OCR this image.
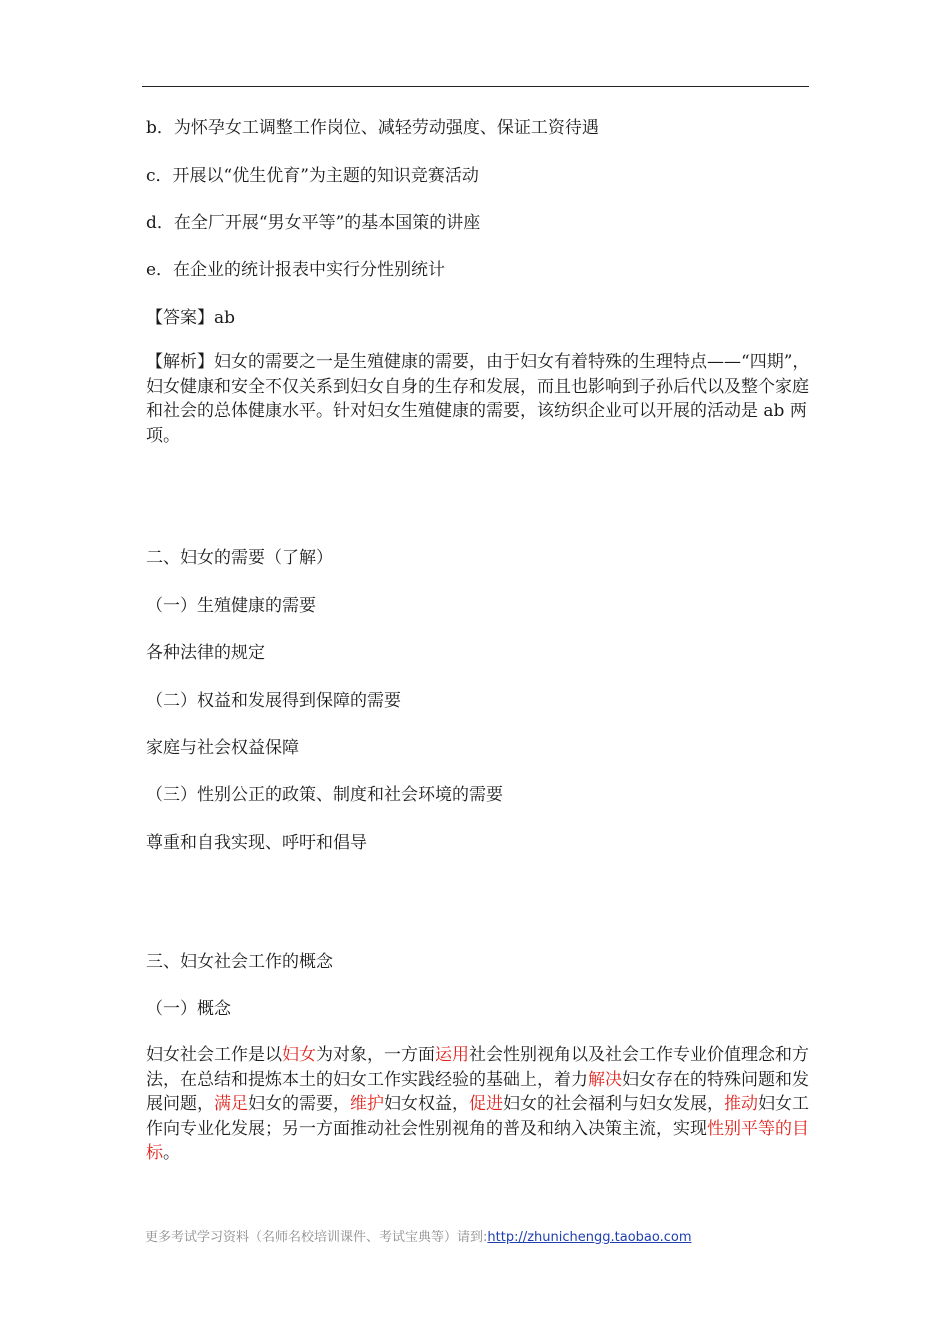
b．为怀孕女工调整工作岗位、减轻劳动强度、保证工资待遇
c．开展以“优生优育”为主题的知识竞赛活动
d．在全厂开展“男女平等”的基本国策的讲座
e．在企业的统计报表中实行分性别统计
【答案】ab
【解析】妇女的需要之一是生殖健康的需要，由于妇女有着特殊的生理特点——“四期”，妇女健康和安全不仅关系到妇女自身的生存和发展，而且也影响到子孙后代以及整个家庭和社会的总体健康水平。针对妇女生殖健康的需要，该纺织企业可以开展的活动是 ab 两项。
二、妇女的需要（了解）
（一）生殖健康的需要
各种法律的规定
（二）权益和发展得到保障的需要
家庭与社会权益保障
（三）性别公正的政策、制度和社会环境的需要
尊重和自我实现、呼吁和倡导
三、妇女社会工作的概念
（一）概念
妇女社会工作是以妇女为对象，一方面运用社会性别视角以及社会工作专业价值理念和方法，在总结和提炼本土的妇女工作实践经验的基础上，着力解决妇女存在的特殊问题和发展问题，满足妇女的需要，维护妇女权益，促进妇女的社会福利与妇女发展，推动妇女工作向专业化发展；另一方面推动社会性别视角的普及和纳入决策主流，实现性别平等的目标。
更多考试学习资料（名师名校培训课件、考试宝典等）请到:http://zhunichengg.taobao.com
